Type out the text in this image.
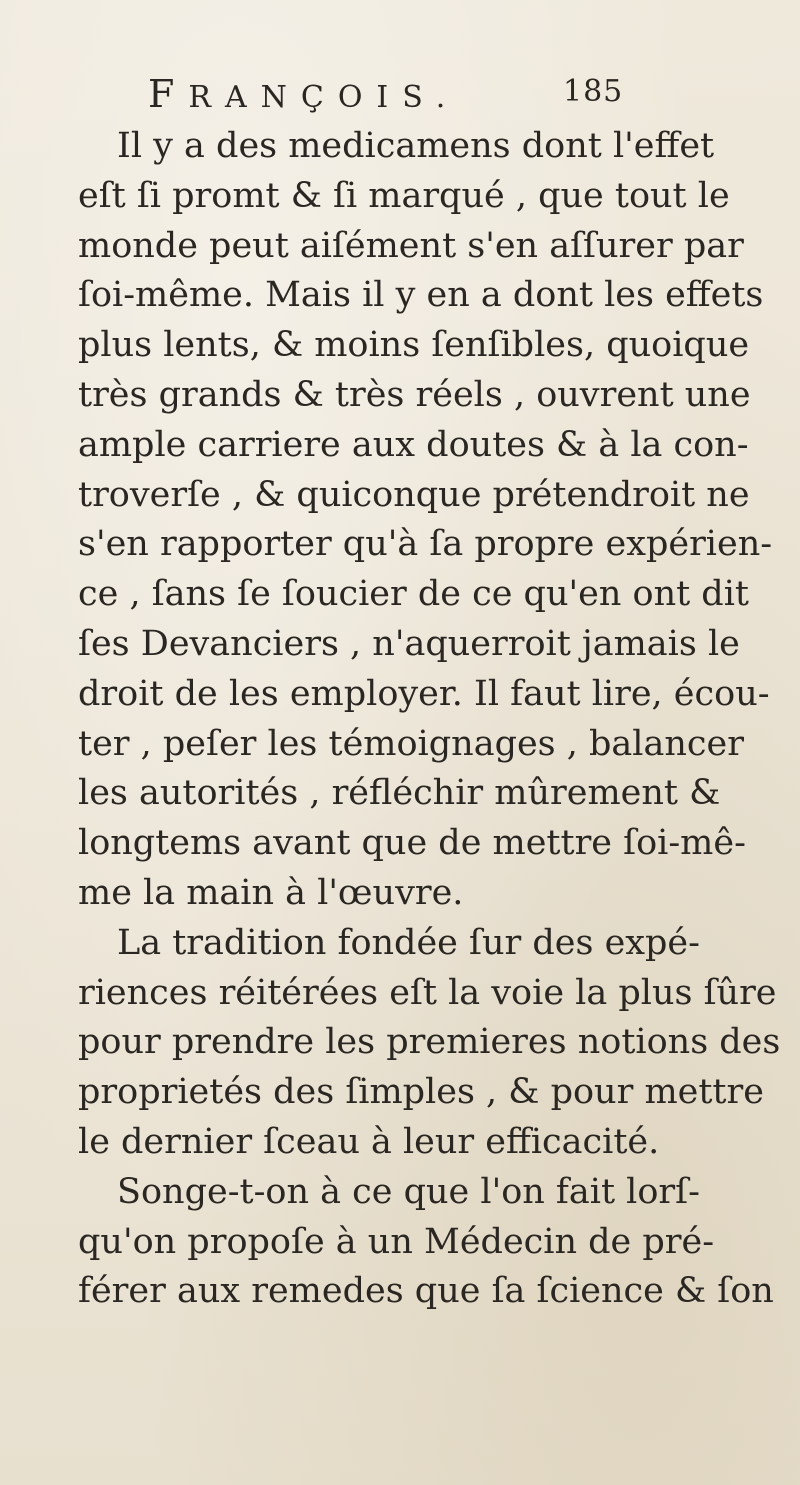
FRANÇOIS.	185
Il y a des medicamens dont l'effet
eſt ſi promt & ſi marqué , que tout le
monde peut aiſément s'en aſſurer par
ſoi-même. Mais il y en a dont les effets
plus lents, & moins ſenſibles, quoique
très grands & très réels , ouvrent une
ample carriere aux doutes & à la con-
troverſe , & quiconque prétendroit ne
s'en rapporter qu'à ſa propre expérien-
ce , ſans ſe ſoucier de ce qu'en ont dit
ſes Devanciers , n'aquerroit jamais le
droit de les employer. Il faut lire, écou-
ter , peſer les témoignages , balancer
les autorités , réfléchir mûrement &
longtems avant que de mettre ſoi-mê-
me la main à l'œuvre.
La tradition fondée ſur des expé-
riences réitérées eſt la voie la plus ſûre
pour prendre les premieres notions des
proprietés des ſimples , & pour mettre
le dernier ſceau à leur efficacité.
Songe-t-on à ce que l'on fait lorſ-
qu'on propoſe à un Médecin de pré-
férer aux remedes que ſa ſcience & ſon
